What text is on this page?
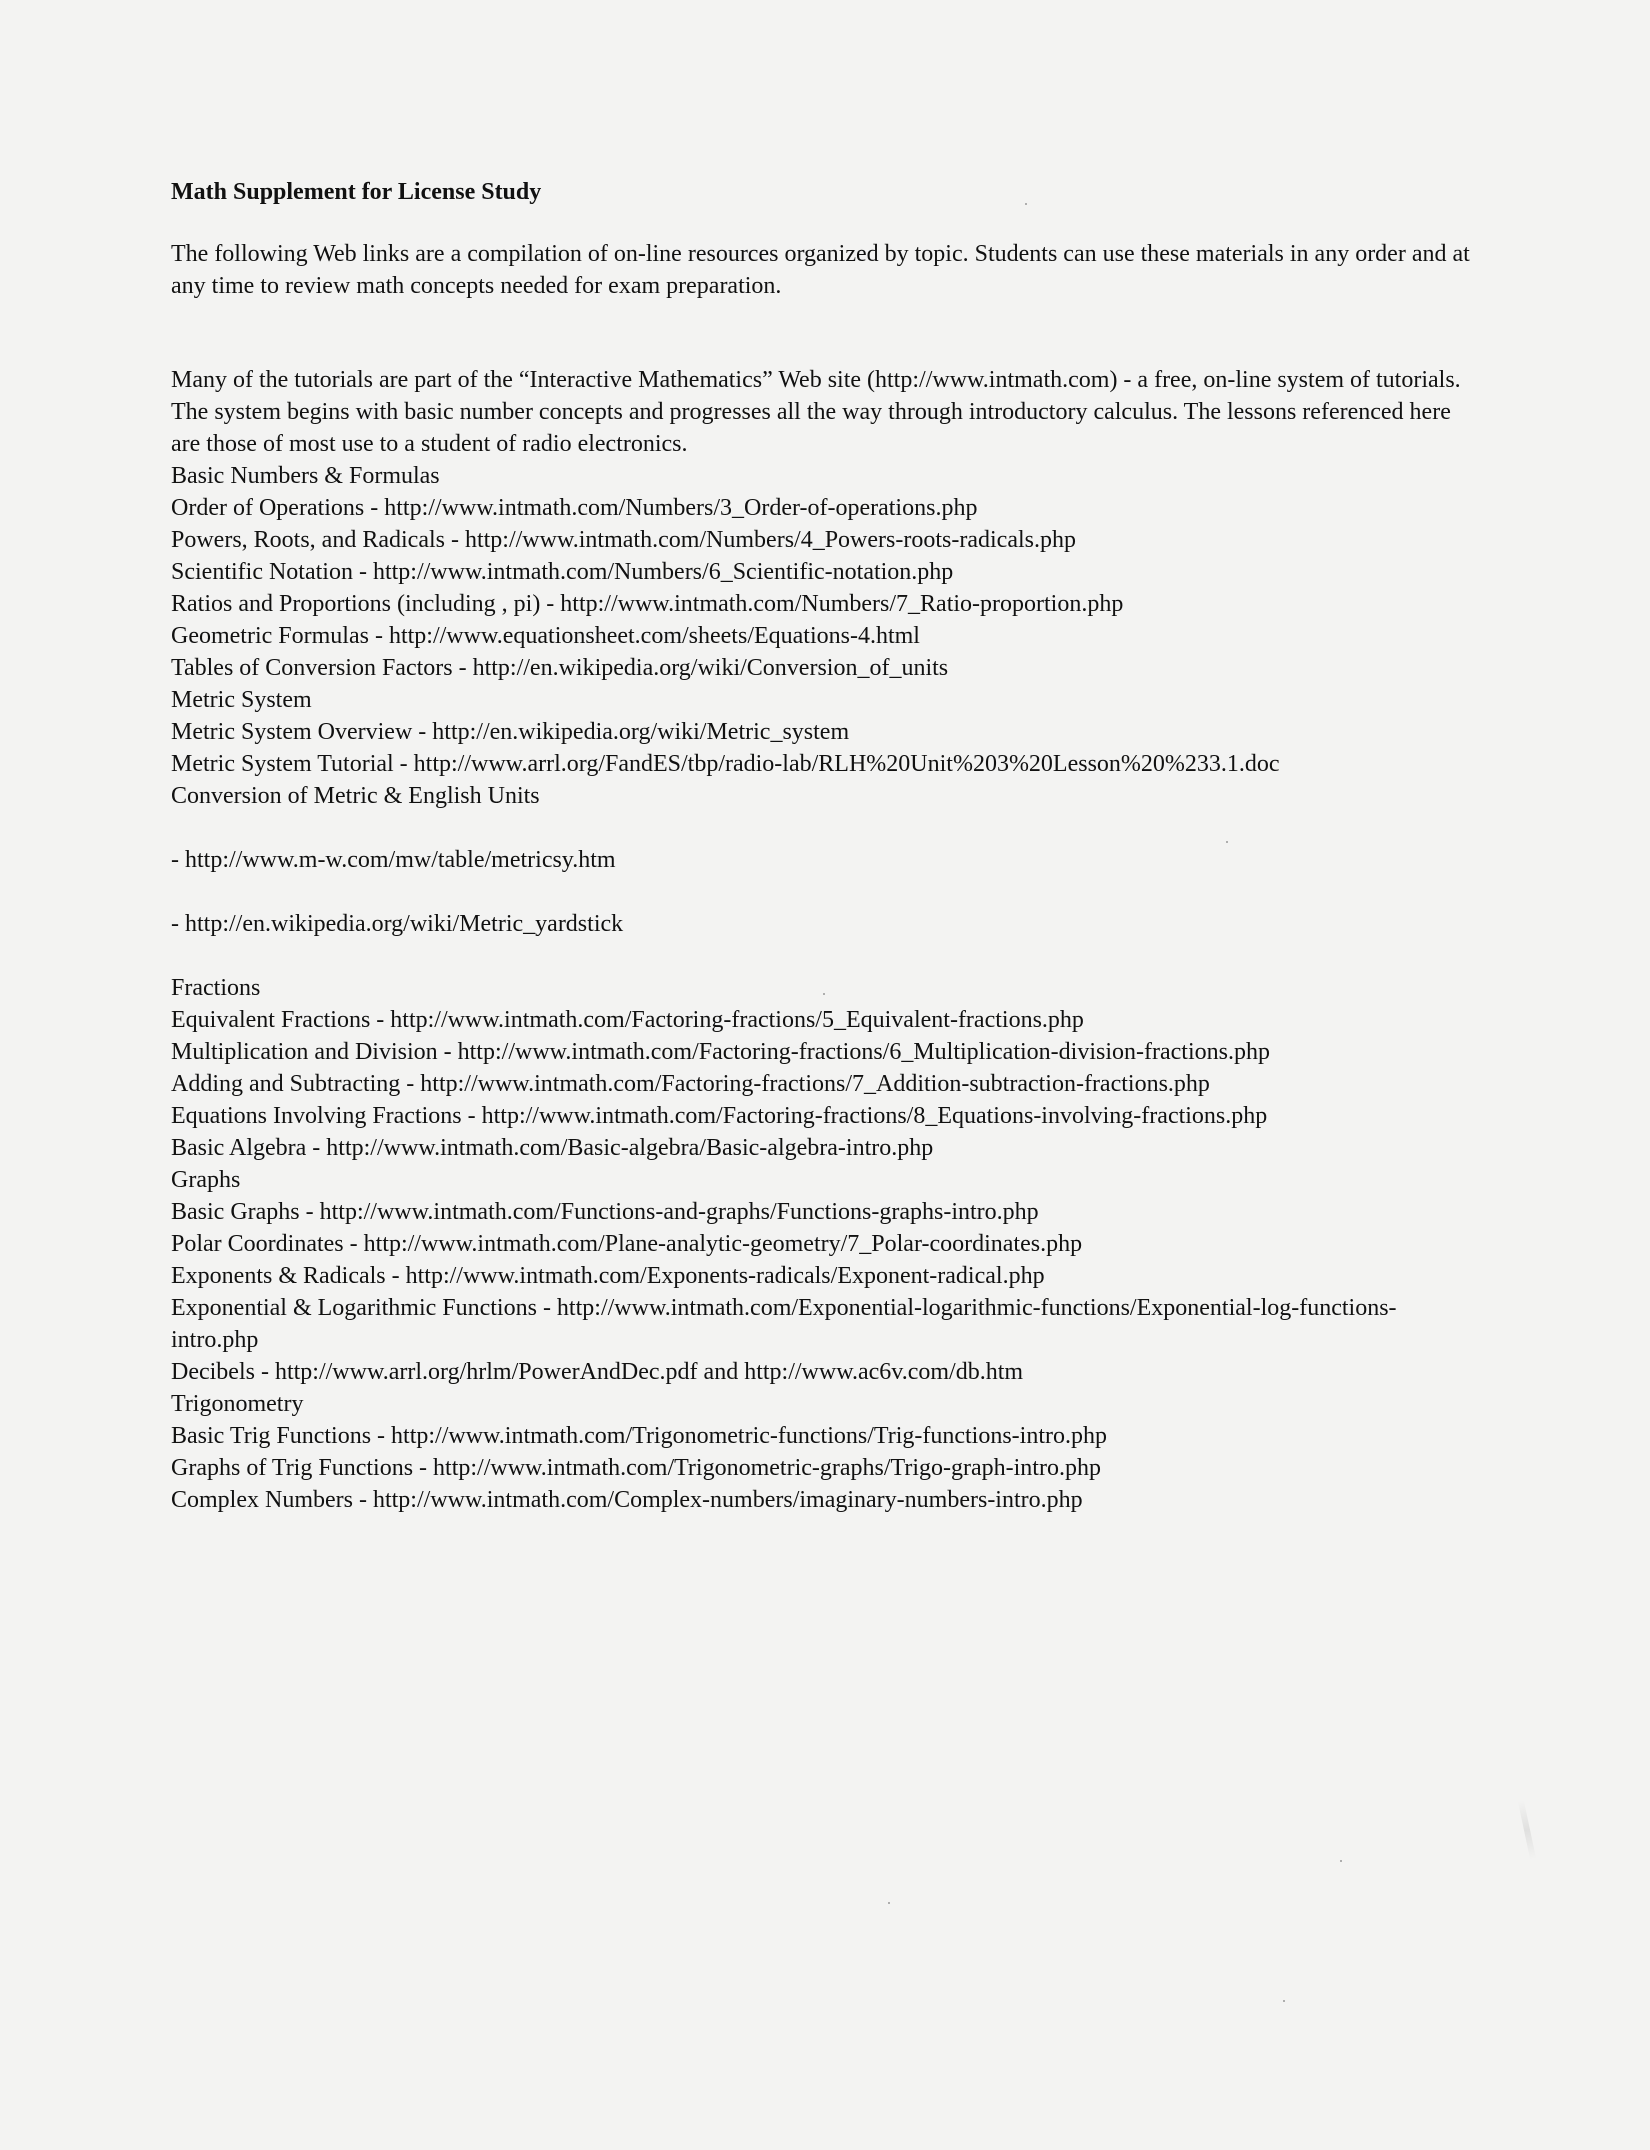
Math Supplement for License Study

The following Web links are a compilation of on-line resources organized by topic. Students can use these materials in any order and at any time to review math concepts needed for exam preparation.

Many of the tutorials are part of the “Interactive Mathematics” Web site (http://www.intmath.com) - a free, on-line system of tutorials. The system begins with basic number concepts and progresses all the way through introductory calculus. The lessons referenced here are those of most use to a student of radio electronics.

Basic Numbers & Formulas
Order of Operations - http://www.intmath.com/Numbers/3_Order-of-operations.php
Powers, Roots, and Radicals - http://www.intmath.com/Numbers/4_Powers-roots-radicals.php
Scientific Notation - http://www.intmath.com/Numbers/6_Scientific-notation.php
Ratios and Proportions (including , pi) - http://www.intmath.com/Numbers/7_Ratio-proportion.php
Geometric Formulas - http://www.equationsheet.com/sheets/Equations-4.html
Tables of Conversion Factors - http://en.wikipedia.org/wiki/Conversion_of_units
Metric System
Metric System Overview - http://en.wikipedia.org/wiki/Metric_system
Metric System Tutorial - http://www.arrl.org/FandES/tbp/radio-lab/RLH%20Unit%203%20Lesson%20%233.1.doc
Conversion of Metric & English Units
- http://www.m-w.com/mw/table/metricsy.htm
- http://en.wikipedia.org/wiki/Metric_yardstick
Fractions
Equivalent Fractions - http://www.intmath.com/Factoring-fractions/5_Equivalent-fractions.php
Multiplication and Division - http://www.intmath.com/Factoring-fractions/6_Multiplication-division-fractions.php
Adding and Subtracting - http://www.intmath.com/Factoring-fractions/7_Addition-subtraction-fractions.php
Equations Involving Fractions - http://www.intmath.com/Factoring-fractions/8_Equations-involving-fractions.php
Basic Algebra - http://www.intmath.com/Basic-algebra/Basic-algebra-intro.php
Graphs
Basic Graphs - http://www.intmath.com/Functions-and-graphs/Functions-graphs-intro.php
Polar Coordinates - http://www.intmath.com/Plane-analytic-geometry/7_Polar-coordinates.php
Exponents & Radicals - http://www.intmath.com/Exponents-radicals/Exponent-radical.php
Exponential & Logarithmic Functions - http://www.intmath.com/Exponential-logarithmic-functions/Exponential-log-functions-intro.php
Decibels - http://www.arrl.org/hrlm/PowerAndDec.pdf and http://www.ac6v.com/db.htm
Trigonometry
Basic Trig Functions - http://www.intmath.com/Trigonometric-functions/Trig-functions-intro.php
Graphs of Trig Functions - http://www.intmath.com/Trigonometric-graphs/Trigo-graph-intro.php
Complex Numbers - http://www.intmath.com/Complex-numbers/imaginary-numbers-intro.php
